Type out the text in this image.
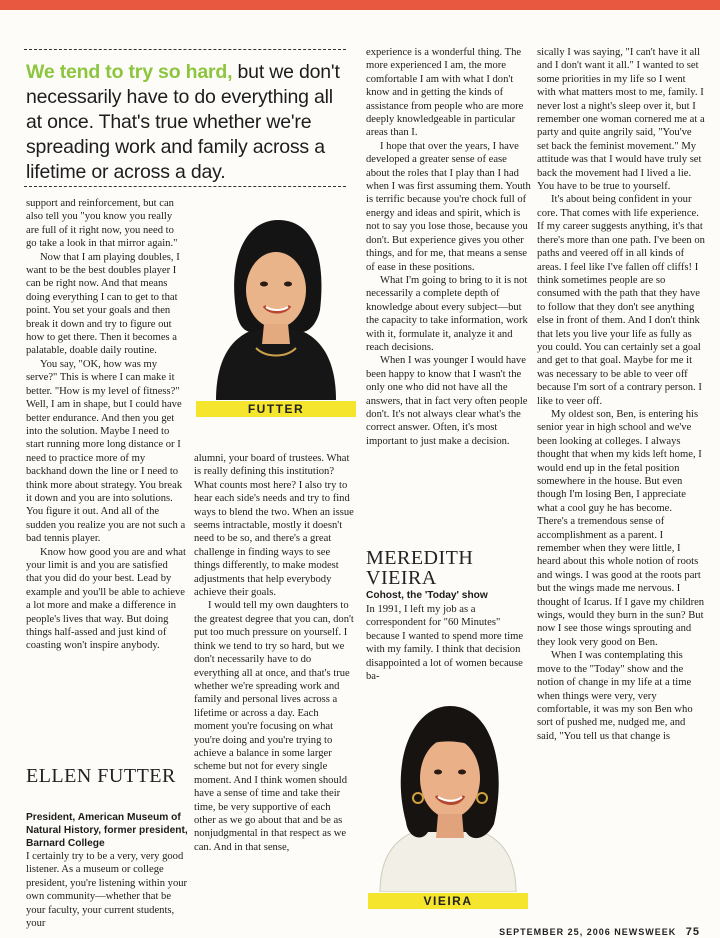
We tend to try so hard, but we don't necessarily have to do everything all at once. That's true whether we're spreading work and family across a lifetime or across a day.

support and reinforcement, but can also tell you "you know you really are full of it right now, you need to go take a look in that mirror again."

Now that I am playing doubles, I want to be the best doubles player I can be right now. And that means doing everything I can to get to that point. You set your goals and then break it down and try to figure out how to get there. Then it becomes a palatable, doable daily routine.

You say, "OK, how was my serve?" This is where I can make it better. "How is my level of fitness?" Well, I am in shape, but I could have better endurance. And then you get into the solution. Maybe I need to start running more long distance or I need to practice more of my backhand down the line or I need to think more about strategy. You break it down and you are into solutions. You figure it out. And all of the sudden you realize you are not such a bad tennis player.

Know how good you are and what your limit is and you are satisfied that you did do your best. Lead by example and you'll be able to achieve a lot more and make a difference in people's lives that way. But doing things half-assed and just kind of coasting won't inspire anybody.

ELLEN FUTTER

President, American Museum of Natural History, former president, Barnard College

I certainly try to be a very, very good listener. As a museum or college president, you're listening within your own community—whether that be your faculty, your current students, your

FUTTER

alumni, your board of trustees. What is really defining this institution? What counts most here? I also try to hear each side's needs and try to find ways to blend the two. When an issue seems intractable, mostly it doesn't need to be so, and there's a great challenge in finding ways to see things differently, to make modest adjustments that help everybody achieve their goals.

I would tell my own daughters to the greatest degree that you can, don't put too much pressure on yourself. I think we tend to try so hard, but we don't necessarily have to do everything all at once, and that's true whether we're spreading work and family and personal lives across a lifetime or across a day. Each moment you're focusing on what you're doing and you're trying to achieve a balance in some larger scheme but not for every single moment. And I think women should have a sense of time and take their time, be very supportive of each other as we go about that and be as nonjudgmental in that respect as we can. And in that sense,

experience is a wonderful thing. The more experienced I am, the more comfortable I am with what I don't know and in getting the kinds of assistance from people who are more deeply knowledgeable in particular areas than I.

I hope that over the years, I have developed a greater sense of ease about the roles that I play than I had when I was first assuming them. Youth is terrific because you're chock full of energy and ideas and spirit, which is not to say you lose those, because you don't. But experience gives you other things, and for me, that means a sense of ease in these positions.

What I'm going to bring to it is not necessarily a complete depth of knowledge about every subject—but the capacity to take information, work with it, formulate it, analyze it and reach decisions.

When I was younger I would have been happy to know that I wasn't the only one who did not have all the answers, that in fact very often people don't. It's not always clear what's the correct answer. Often, it's most important to just make a decision.

MEREDITH VIEIRA

Cohost, the 'Today' show

In 1991, I left my job as a correspondent for "60 Minutes" because I wanted to spend more time with my family. I think that decision disappointed a lot of women because ba-

VIEIRA

sically I was saying, "I can't have it all and I don't want it all." I wanted to set some priorities in my life so I went with what matters most to me, family. I never lost a night's sleep over it, but I remember one woman cornered me at a party and quite angrily said, "You've set back the feminist movement." My attitude was that I would have truly set back the movement had I lived a lie. You have to be true to yourself.

It's about being confident in your core. That comes with life experience. If my career suggests anything, it's that there's more than one path. I've been on paths and veered off in all kinds of areas. I feel like I've fallen off cliffs! I think sometimes people are so consumed with the path that they have to follow that they don't see anything else in front of them. And I don't think that lets you live your life as fully as you could. You can certainly set a goal and get to that goal. Maybe for me it was necessary to be able to veer off because I'm sort of a contrary person. I like to veer off.

My oldest son, Ben, is entering his senior year in high school and we've been looking at colleges. I always thought that when my kids left home, I would end up in the fetal position somewhere in the house. But even though I'm losing Ben, I appreciate what a cool guy he has become. There's a tremendous sense of accomplishment as a parent. I remember when they were little, I heard about this whole notion of roots and wings. I was good at the roots part but the wings made me nervous. I thought of Icarus. If I gave my children wings, would they burn in the sun? But now I see those wings sprouting and they look very good on Ben.

When I was contemplating this move to the "Today" show and the notion of change in my life at a time when things were very, very comfortable, it was my son Ben who sort of pushed me, nudged me, and said, "You tell us that change is

SEPTEMBER 25, 2006 NEWSWEEK 75
